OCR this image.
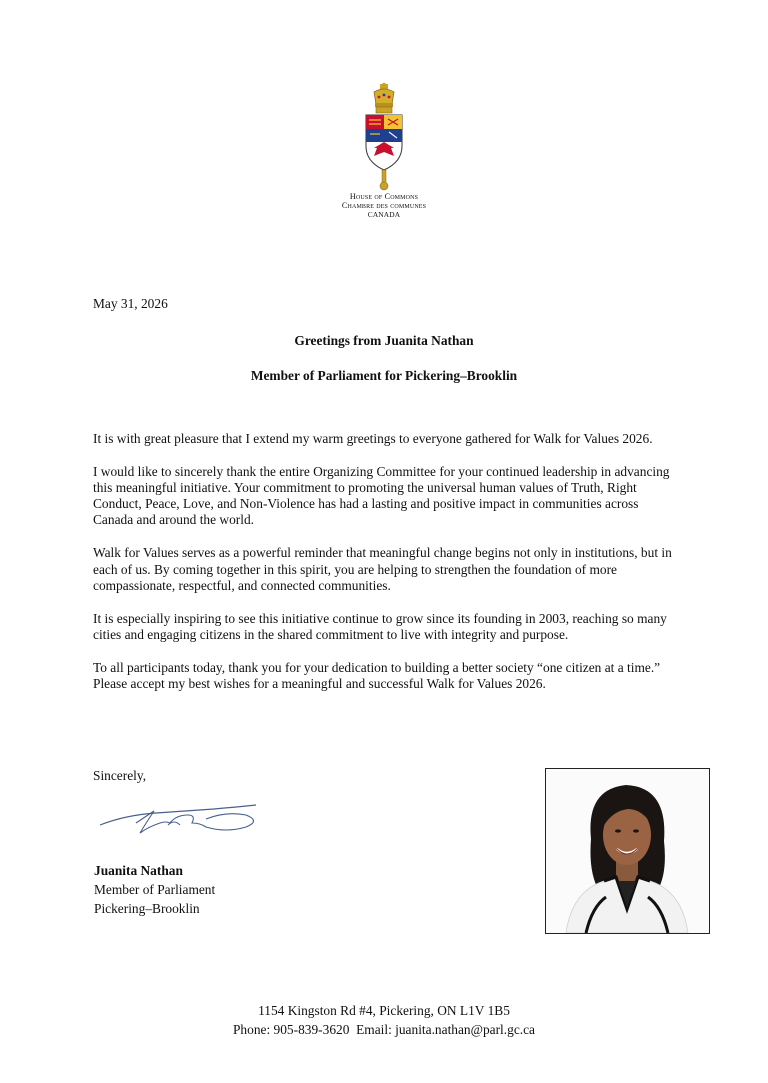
House of Commons
Chambre des communes
CANADA
May 31, 2026
Greetings from Juanita Nathan
Member of Parliament for Pickering–Brooklin

It is with great pleasure that I extend my warm greetings to everyone gathered for Walk for Values 2026.

I would like to sincerely thank the entire Organizing Committee for your continued leadership in advancing this meaningful initiative. Your commitment to promoting the universal human values of Truth, Right Conduct, Peace, Love, and Non-Violence has had a lasting and positive impact in communities across Canada and around the world.

Walk for Values serves as a powerful reminder that meaningful change begins not only in institutions, but in each of us. By coming together in this spirit, you are helping to strengthen the foundation of more compassionate, respectful, and connected communities.

It is especially inspiring to see this initiative continue to grow since its founding in 2003, reaching so many cities and engaging citizens in the shared commitment to live with integrity and purpose.

To all participants today, thank you for your dedication to building a better society “one citizen at a time.” Please accept my best wishes for a meaningful and successful Walk for Values 2026.

Sincerely,
Juanita Nathan
Member of Parliament
Pickering–Brooklin
1154 Kingston Rd #4, Pickering, ON L1V 1B5
Phone: 905-839-3620  Email: juanita.nathan@parl.gc.ca
